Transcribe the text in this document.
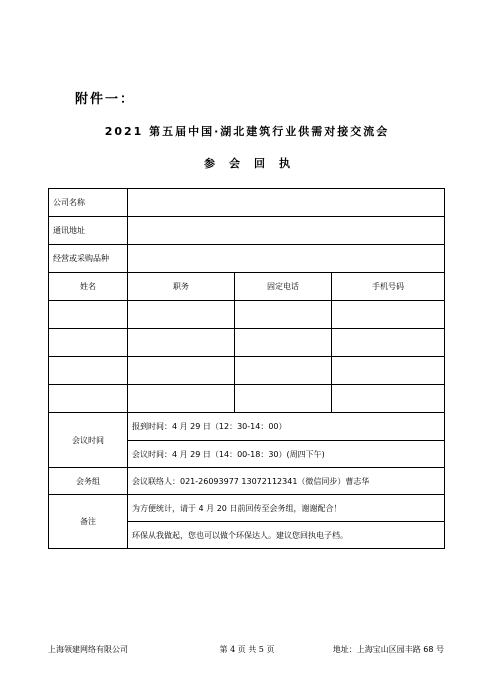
附件一：
2021 第五届中国·湖北建筑行业供需对接交流会
参会回执
公司名称			
通讯地址			
经营或采购品种			
姓名	职务	固定电话	手机号码

会议时间	报到时间：4 月 29 日（12：30-14：00）		
	会议时间：4 月 29 日（14：00-18：30）(周四下午)		
会务组	会议联络人：021-26093977 13072112341（微信同步）曹志华		
备注	为方便统计，请于 4 月 20 日前回传至会务组，谢谢配合！		
	环保从我做起，您也可以做个环保达人。建议您回执电子档。		
上海领建网络有限公司	第 4 页 共 5 页	地址：上海宝山区园丰路 68 号
